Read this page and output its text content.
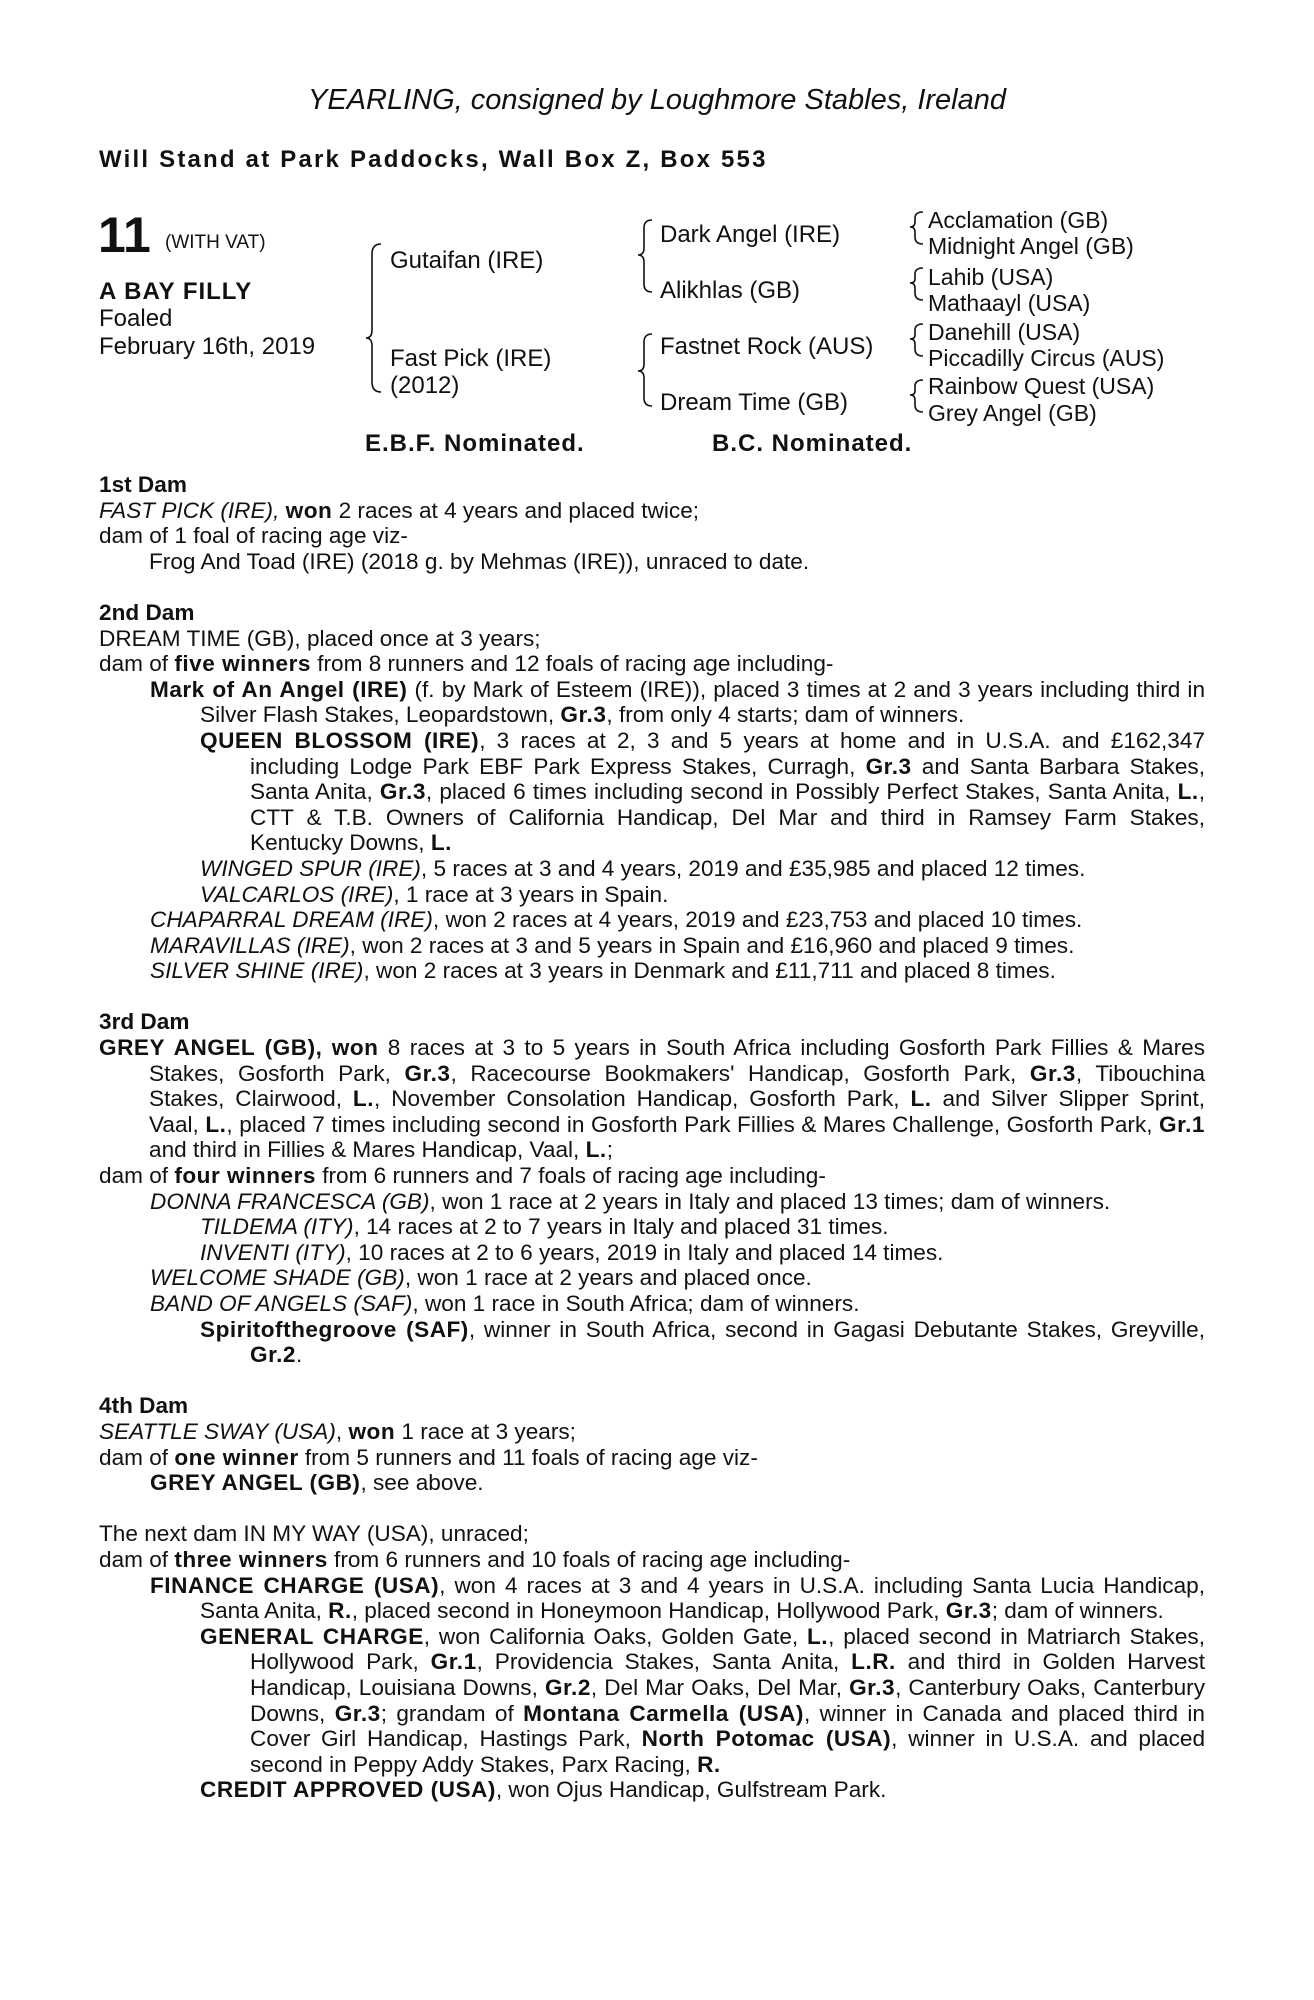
YEARLING, consigned by Loughmore Stables, Ireland
Will Stand at Park Paddocks, Wall Box Z, Box 553
11 (WITH VAT)
A BAY FILLY
Foaled
February 16th, 2019
Gutaifan (IRE)
Fast Pick (IRE)
(2012)
Dark Angel (IRE)
Alikhlas (GB)
Fastnet Rock (AUS)
Dream Time (GB)
Acclamation (GB)
Midnight Angel (GB)
Lahib (USA)
Mathaayl (USA)
Danehill (USA)
Piccadilly Circus (AUS)
Rainbow Quest (USA)
Grey Angel (GB)
E.B.F. Nominated.	B.C. Nominated.

1st Dam

FAST PICK (IRE), won 2 races at 4 years and placed twice;

dam of 1 foal of racing age viz-

Frog And Toad (IRE) (2018 g. by Mehmas (IRE)), unraced to date.

2nd Dam

DREAM TIME (GB), placed once at 3 years;

dam of five winners from 8 runners and 12 foals of racing age including-

Mark of An Angel (IRE) (f. by Mark of Esteem (IRE)), placed 3 times at 2 and 3 years including third in Silver Flash Stakes, Leopardstown, Gr.3, from only 4 starts; dam of winners.

QUEEN BLOSSOM (IRE), 3 races at 2, 3 and 5 years at home and in U.S.A. and £162,347 including Lodge Park EBF Park Express Stakes, Curragh, Gr.3 and Santa Barbara Stakes, Santa Anita, Gr.3, placed 6 times including second in Possibly Perfect Stakes, Santa Anita, L., CTT & T.B. Owners of California Handicap, Del Mar and third in Ramsey Farm Stakes, Kentucky Downs, L.

WINGED SPUR (IRE), 5 races at 3 and 4 years, 2019 and £35,985 and placed 12 times.

VALCARLOS (IRE), 1 race at 3 years in Spain.

CHAPARRAL DREAM (IRE), won 2 races at 4 years, 2019 and £23,753 and placed 10 times.

MARAVILLAS (IRE), won 2 races at 3 and 5 years in Spain and £16,960 and placed 9 times.

SILVER SHINE (IRE), won 2 races at 3 years in Denmark and £11,711 and placed 8 times.

3rd Dam

GREY ANGEL (GB), won 8 races at 3 to 5 years in South Africa including Gosforth Park Fillies & Mares Stakes, Gosforth Park, Gr.3, Racecourse Bookmakers' Handicap, Gosforth Park, Gr.3, Tibouchina Stakes, Clairwood, L., November Consolation Handicap, Gosforth Park, L. and Silver Slipper Sprint, Vaal, L., placed 7 times including second in Gosforth Park Fillies & Mares Challenge, Gosforth Park, Gr.1 and third in Fillies & Mares Handicap, Vaal, L.;

dam of four winners from 6 runners and 7 foals of racing age including-

DONNA FRANCESCA (GB), won 1 race at 2 years in Italy and placed 13 times; dam of winners.

TILDEMA (ITY), 14 races at 2 to 7 years in Italy and placed 31 times.

INVENTI (ITY), 10 races at 2 to 6 years, 2019 in Italy and placed 14 times.

WELCOME SHADE (GB), won 1 race at 2 years and placed once.

BAND OF ANGELS (SAF), won 1 race in South Africa; dam of winners.

Spiritofthegroove (SAF), winner in South Africa, second in Gagasi Debutante Stakes, Greyville, Gr.2.

4th Dam

SEATTLE SWAY (USA), won 1 race at 3 years;

dam of one winner from 5 runners and 11 foals of racing age viz-

GREY ANGEL (GB), see above.

The next dam IN MY WAY (USA), unraced;

dam of three winners from 6 runners and 10 foals of racing age including-

FINANCE CHARGE (USA), won 4 races at 3 and 4 years in U.S.A. including Santa Lucia Handicap, Santa Anita, R., placed second in Honeymoon Handicap, Hollywood Park, Gr.3; dam of winners.

GENERAL CHARGE, won California Oaks, Golden Gate, L., placed second in Matriarch Stakes, Hollywood Park, Gr.1, Providencia Stakes, Santa Anita, L.R. and third in Golden Harvest Handicap, Louisiana Downs, Gr.2, Del Mar Oaks, Del Mar, Gr.3, Canterbury Oaks, Canterbury Downs, Gr.3; grandam of Montana Carmella (USA), winner in Canada and placed third in Cover Girl Handicap, Hastings Park, North Potomac (USA), winner in U.S.A. and placed second in Peppy Addy Stakes, Parx Racing, R.

CREDIT APPROVED (USA), won Ojus Handicap, Gulfstream Park.
